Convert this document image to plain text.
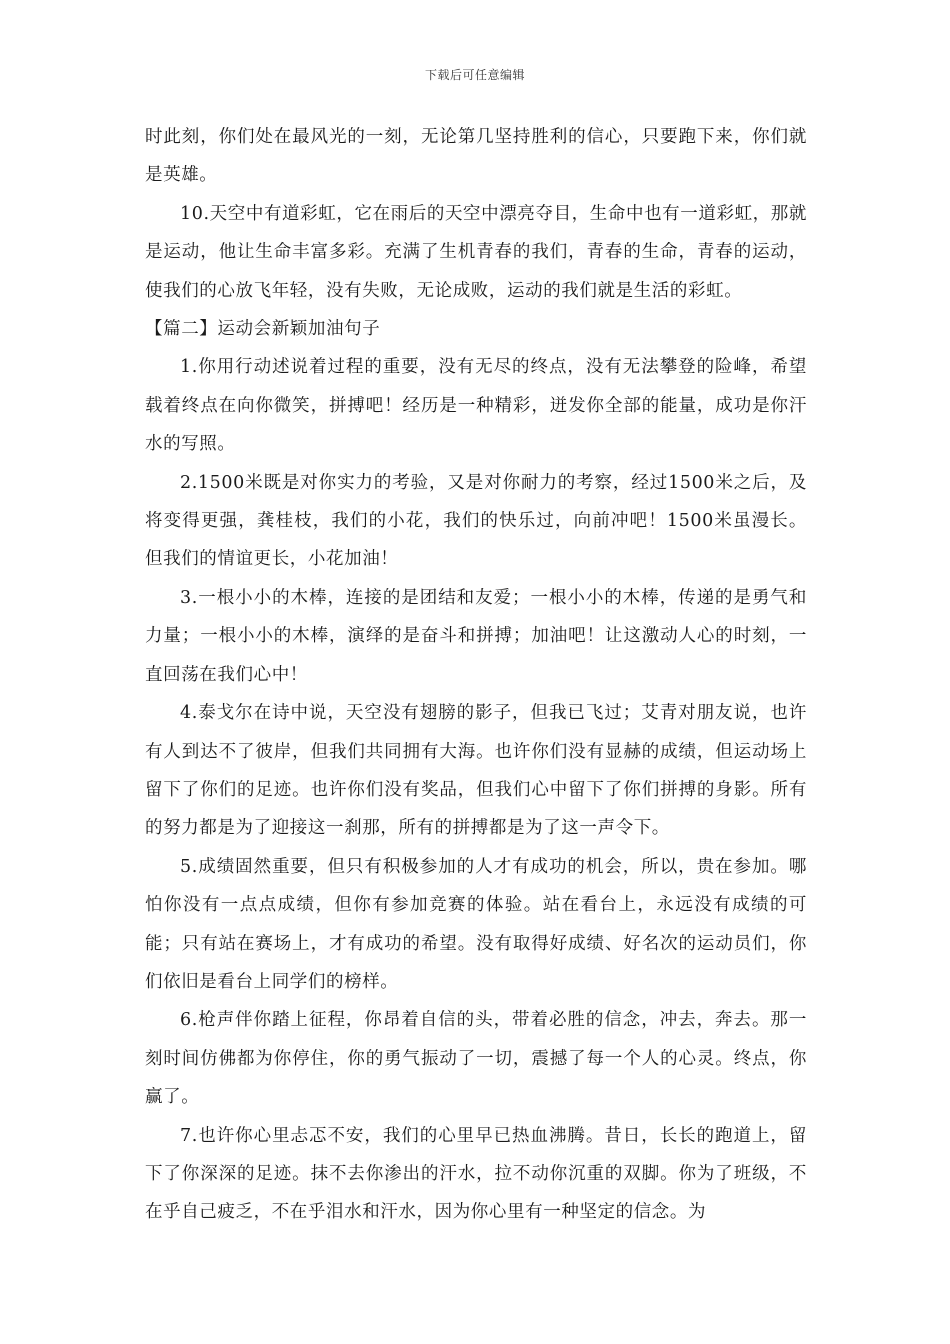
下载后可任意编辑

时此刻，你们处在最风光的一刻，无论第几坚持胜利的信心，只要跑下来，你们就是英雄。

10.天空中有道彩虹，它在雨后的天空中漂亮夺目，生命中也有一道彩虹，那就是运动，他让生命丰富多彩。充满了生机青春的我们，青春的生命，青春的运动，使我们的心放飞年轻，没有失败，无论成败，运动的我们就是生活的彩虹。

【篇二】运动会新颖加油句子

1.你用行动述说着过程的重要，没有无尽的终点，没有无法攀登的险峰，希望载着终点在向你微笑，拼搏吧！经历是一种精彩，迸发你全部的能量，成功是你汗水的写照。

2.1500米既是对你实力的考验，又是对你耐力的考察，经过1500米之后，及将变得更强，龚桂枝，我们的小花，我们的快乐过，向前冲吧！1500米虽漫长。但我们的情谊更长，小花加油！

3.一根小小的木棒，连接的是团结和友爱；一根小小的木棒，传递的是勇气和力量；一根小小的木棒，演绎的是奋斗和拼搏；加油吧！让这激动人心的时刻，一直回荡在我们心中！

4.泰戈尔在诗中说，天空没有翅膀的影子，但我已飞过；艾青对朋友说，也许有人到达不了彼岸，但我们共同拥有大海。也许你们没有显赫的成绩，但运动场上留下了你们的足迹。也许你们没有奖品，但我们心中留下了你们拼搏的身影。所有的努力都是为了迎接这一刹那，所有的拼搏都是为了这一声令下。

5.成绩固然重要，但只有积极参加的人才有成功的机会，所以，贵在参加。哪怕你没有一点点成绩，但你有参加竞赛的体验。站在看台上，永远没有成绩的可能；只有站在赛场上，才有成功的希望。没有取得好成绩、好名次的运动员们，你们依旧是看台上同学们的榜样。

6.枪声伴你踏上征程，你昂着自信的头，带着必胜的信念，冲去，奔去。那一刻时间仿佛都为你停住，你的勇气振动了一切，震撼了每一个人的心灵。终点，你赢了。

7.也许你心里忐忑不安，我们的心里早已热血沸腾。昔日，长长的跑道上，留下了你深深的足迹。抹不去你渗出的汗水，拉不动你沉重的双脚。你为了班级，不在乎自己疲乏，不在乎泪水和汗水，因为你心里有一种坚定的信念。为
